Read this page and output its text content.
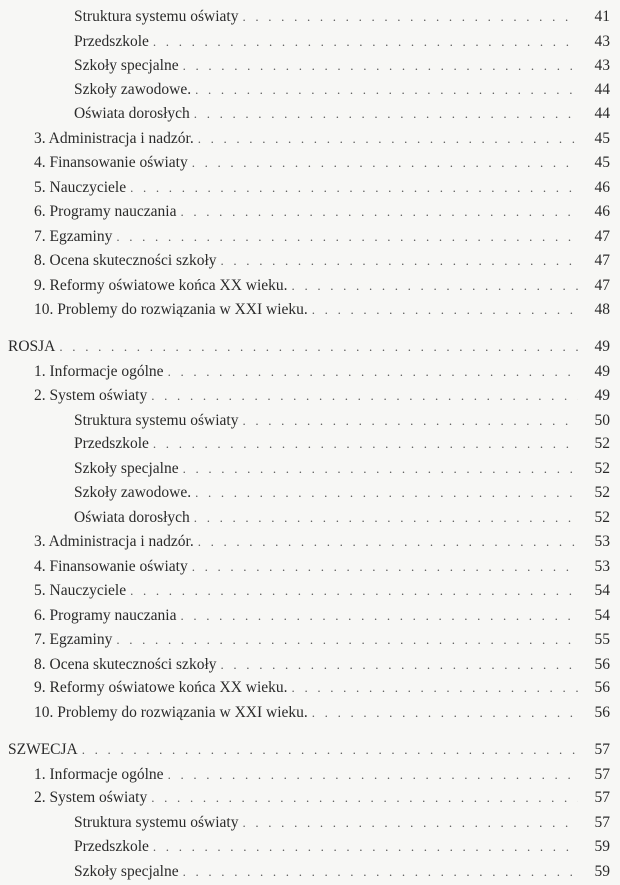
Struktura systemu oświaty . . .	41
Przedszkole . . .	43
Szkoły specjalne . . .	43
Szkoły zawodowe. . . .	44
Oświata dorosłych . . .	44
3. Administracja i nadzór. . . .	45
4. Finansowanie oświaty . . .	45
5. Nauczyciele . . .	46
6. Programy nauczania . . .	46
7. Egzaminy . . .	47
8. Ocena skuteczności szkoły . . .	47
9. Reformy oświatowe końca XX wieku. . . .	47
10. Problemy do rozwiązania w XXI wieku. . . .	48
ROSJA . . .	49
1. Informacje ogólne . . .	49
2. System oświaty . . .	49
Struktura systemu oświaty . . .	50
Przedszkole . . .	52
Szkoły specjalne . . .	52
Szkoły zawodowe. . . .	52
Oświata dorosłych . . .	52
3. Administracja i nadzór. . . .	53
4. Finansowanie oświaty . . .	53
5. Nauczyciele . . .	54
6. Programy nauczania . . .	54
7. Egzaminy . . .	55
8. Ocena skuteczności szkoły . . .	56
9. Reformy oświatowe końca XX wieku. . . .	56
10. Problemy do rozwiązania w XXI wieku. . . .	56
SZWECJA . . .	57
1. Informacje ogólne . . .	57
2. System oświaty . . .	57
Struktura systemu oświaty . . .	57
Przedszkole . . .	59
Szkoły specjalne . . .	59
